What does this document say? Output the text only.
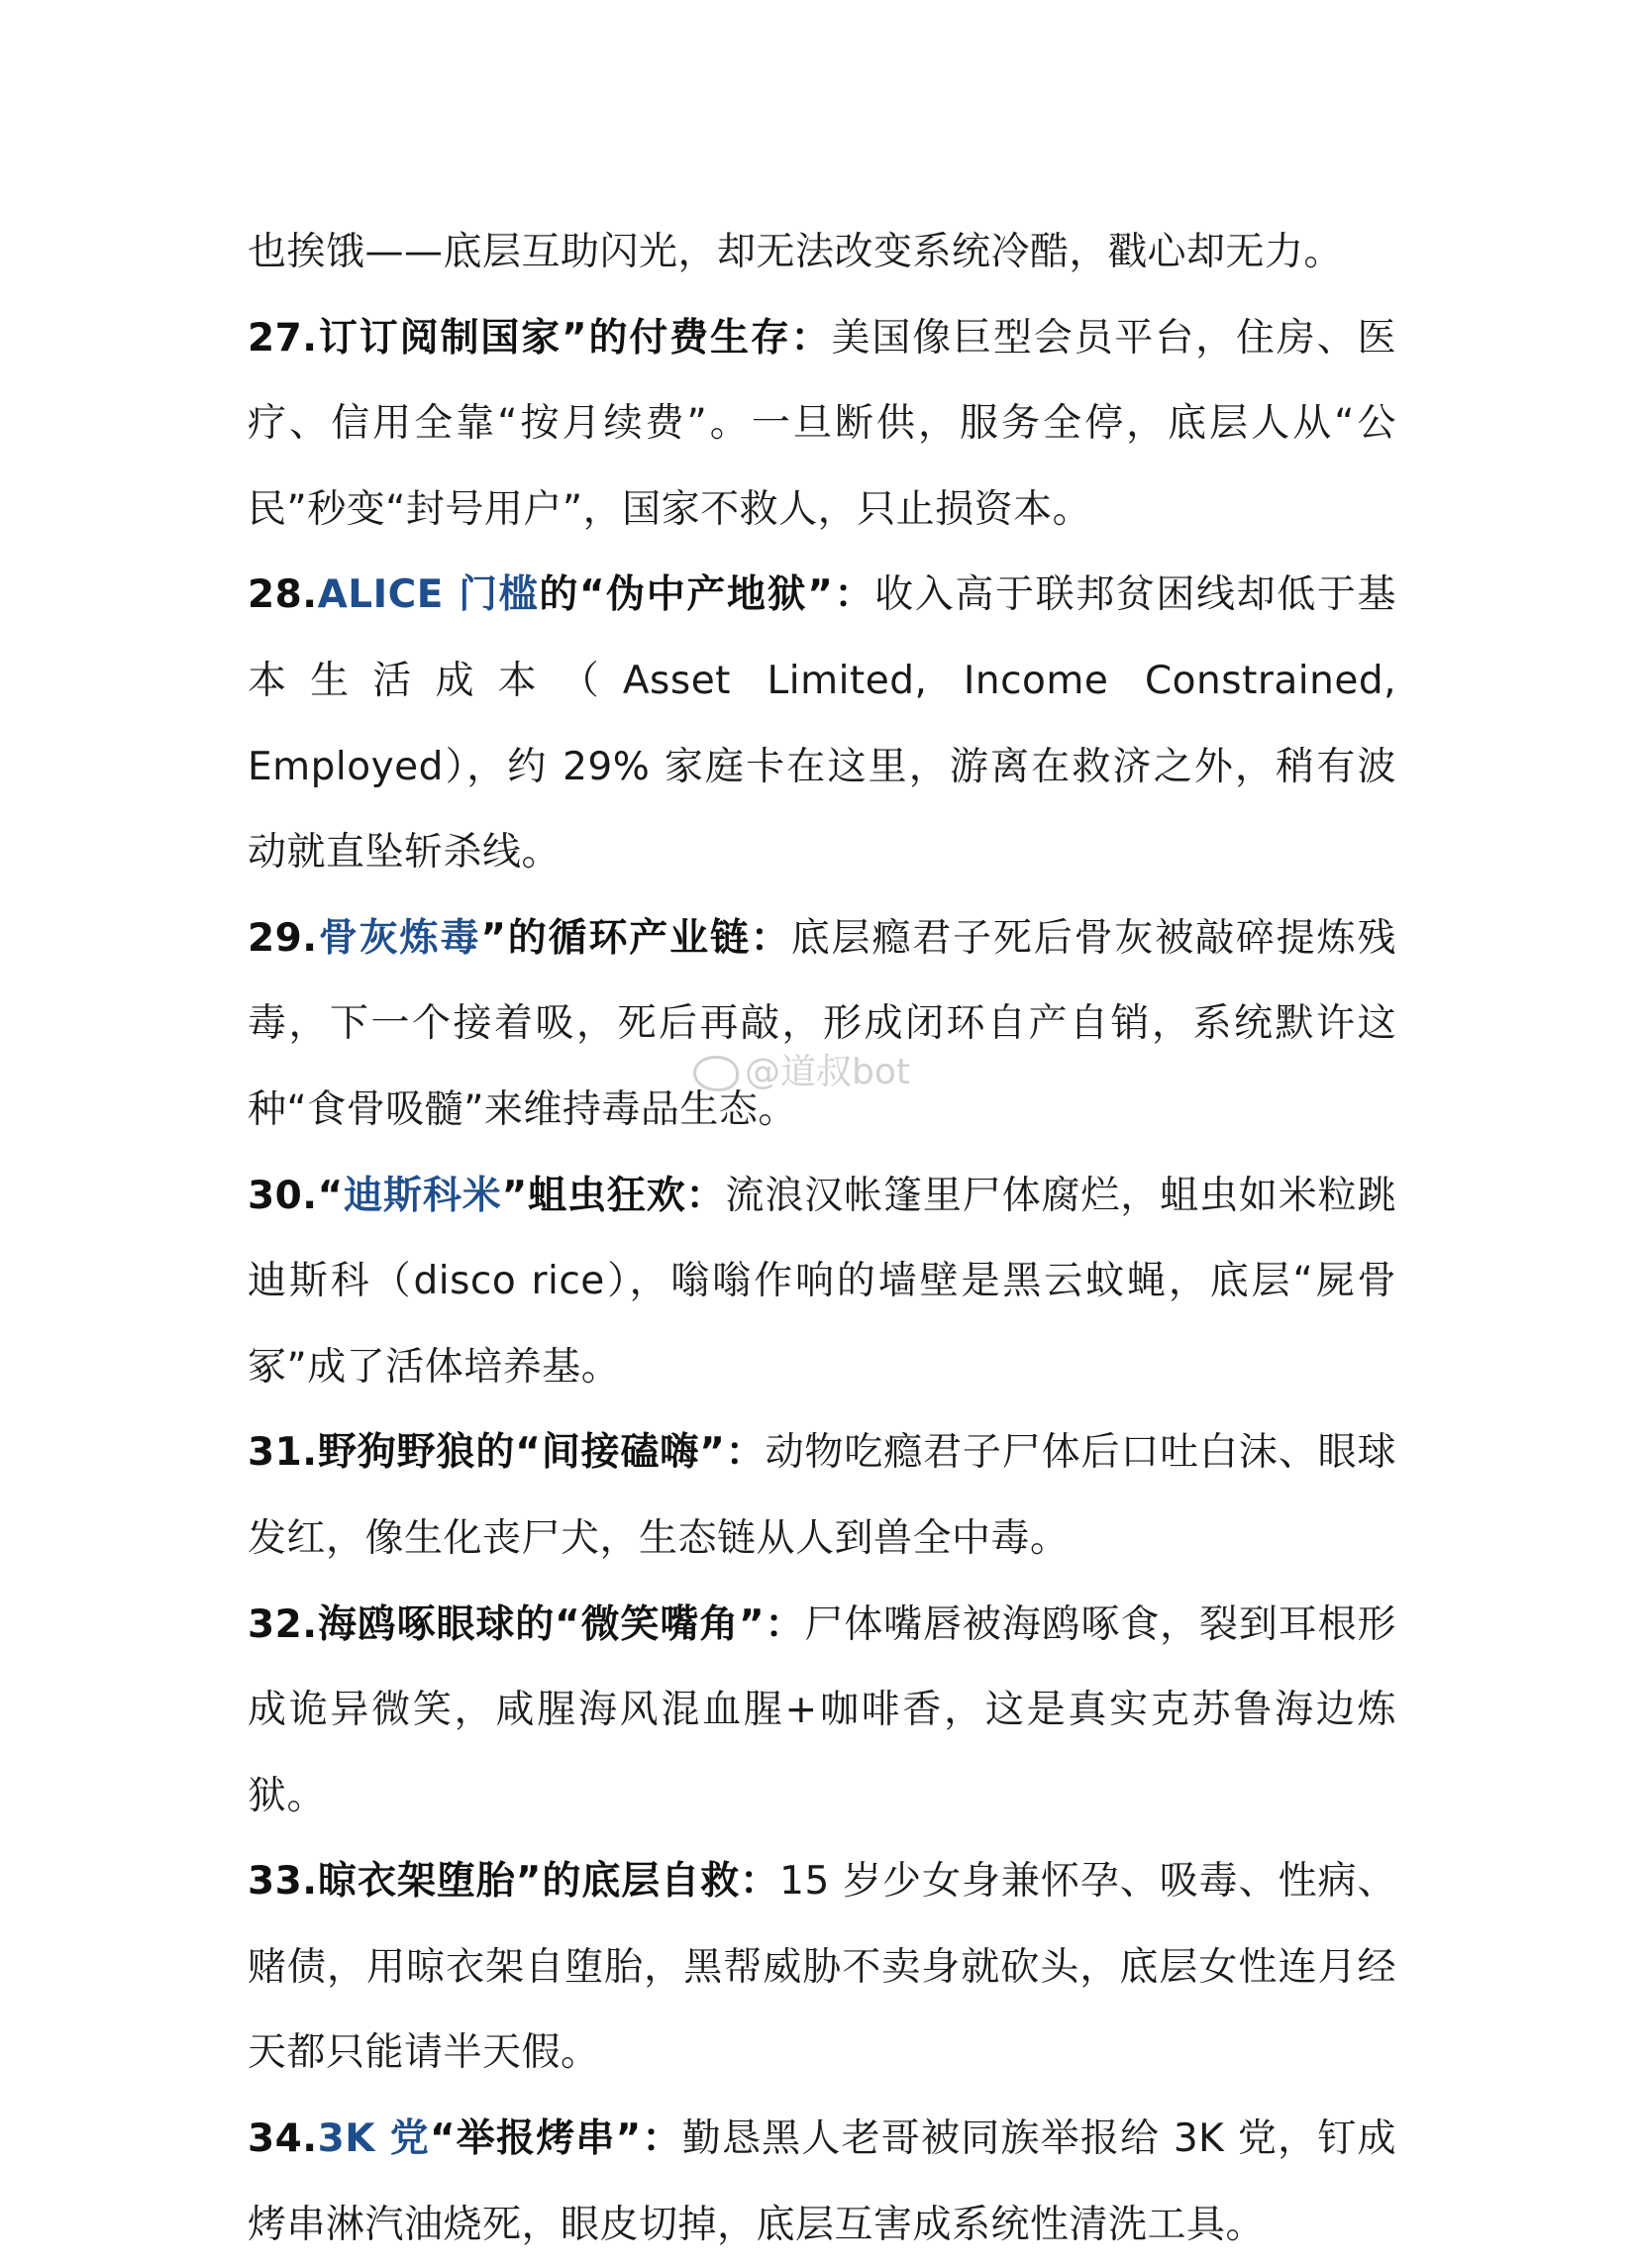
也挨饿——底层互助闪光，却无法改变系统冷酷，戳心却无力。

27.订订阅制国家”的付费生存：美国像巨型会员平台，住房、医疗、信用全靠“按月续费”。一旦断供，服务全停，底层人从“公民”秒变“封号用户”，国家不救人，只止损资本。

28.ALICE 门槛的“伪中产地狱”：收入高于联邦贫困线却低于基本生活成本（Asset Limited, Income Constrained, Employed），约 29% 家庭卡在这里，游离在救济之外，稍有波动就直坠斩杀线。

29.骨灰炼毒”的循环产业链：底层瘾君子死后骨灰被敲碎提炼残毒，下一个接着吸，死后再敲，形成闭环自产自销，系统默许这种“食骨吸髓”来维持毒品生态。

30.“迪斯科米”蛆虫狂欢：流浪汉帐篷里尸体腐烂，蛆虫如米粒跳迪斯科（disco rice），嗡嗡作响的墙壁是黑云蚊蝇，底层“屍骨冢”成了活体培养基。

31.野狗野狼的“间接磕嗨”：动物吃瘾君子尸体后口吐白沫、眼球发红，像生化丧尸犬，生态链从人到兽全中毒。

32.海鸥啄眼球的“微笑嘴角”：尸体嘴唇被海鸥啄食，裂到耳根形成诡异微笑，咸腥海风混血腥+咖啡香，这是真实克苏鲁海边炼狱。

33.晾衣架堕胎”的底层自救：15 岁少女身兼怀孕、吸毒、性病、赌债，用晾衣架自堕胎，黑帮威胁不卖身就砍头，底层女性连月经天都只能请半天假。

34.3K 党“举报烤串”：勤恳黑人老哥被同族举报给 3K 党，钉成烤串淋汽油烧死，眼皮切掉，底层互害成系统性清洗工具。

@道叔bot
